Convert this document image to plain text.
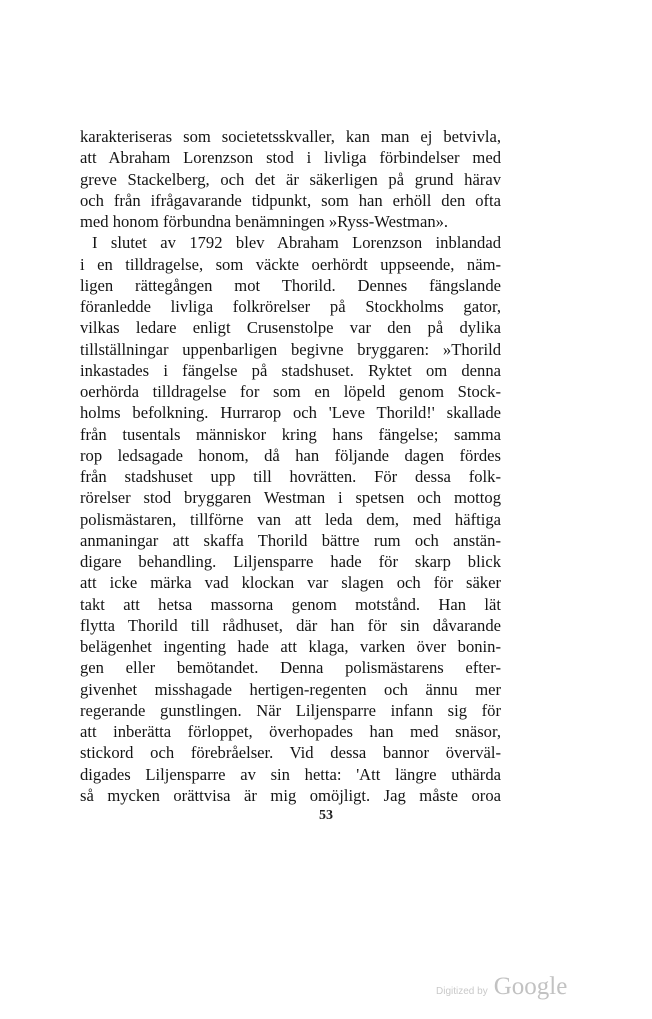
karakteriseras som societetsskvaller, kan man ej betvivla,
att Abraham Lorenzson stod i livliga förbindelser med
greve Stackelberg, och det är säkerligen på grund härav
och från ifrågavarande tidpunkt, som han erhöll den ofta
med honom förbundna benämningen »Ryss-Westman».
I slutet av 1792 blev Abraham Lorenzson inblandad
i en tilldragelse, som väckte oerhördt uppseende, näm-
ligen rättegången mot Thorild. Dennes fängslande
föranledde livliga folkrörelser på Stockholms gator,
vilkas ledare enligt Crusenstolpe var den på dylika
tillställningar uppenbarligen begivne bryggaren: »Thorild
inkastades i fängelse på stadshuset. Ryktet om denna
oerhörda tilldragelse for som en löpeld genom Stock-
holms befolkning. Hurrarop och 'Leve Thorild!' skallade
från tusentals människor kring hans fängelse; samma
rop ledsagade honom, då han följande dagen fördes
från stadshuset upp till hovrätten. För dessa folk-
rörelser stod bryggaren Westman i spetsen och mottog
polismästaren, tillförne van att leda dem, med häftiga
anmaningar att skaffa Thorild bättre rum och anstän-
digare behandling. Liljensparre hade för skarp blick
att icke märka vad klockan var slagen och för säker
takt att hetsa massorna genom motstånd. Han lät
flytta Thorild till rådhuset, där han för sin dåvarande
belägenhet ingenting hade att klaga, varken över bonin-
gen eller bemötandet. Denna polismästarens efter-
givenhet misshagade hertigen-regenten och ännu mer
regerande gunstlingen. När Liljensparre infann sig för
att inberätta förloppet, överhopades han med snäsor,
stickord och förebråelser. Vid dessa bannor överväl-
digades Liljensparre av sin hetta: 'Att längre uthärda
så mycken orättvisa är mig omöjligt. Jag måste oroa
53
Digitized by Google
